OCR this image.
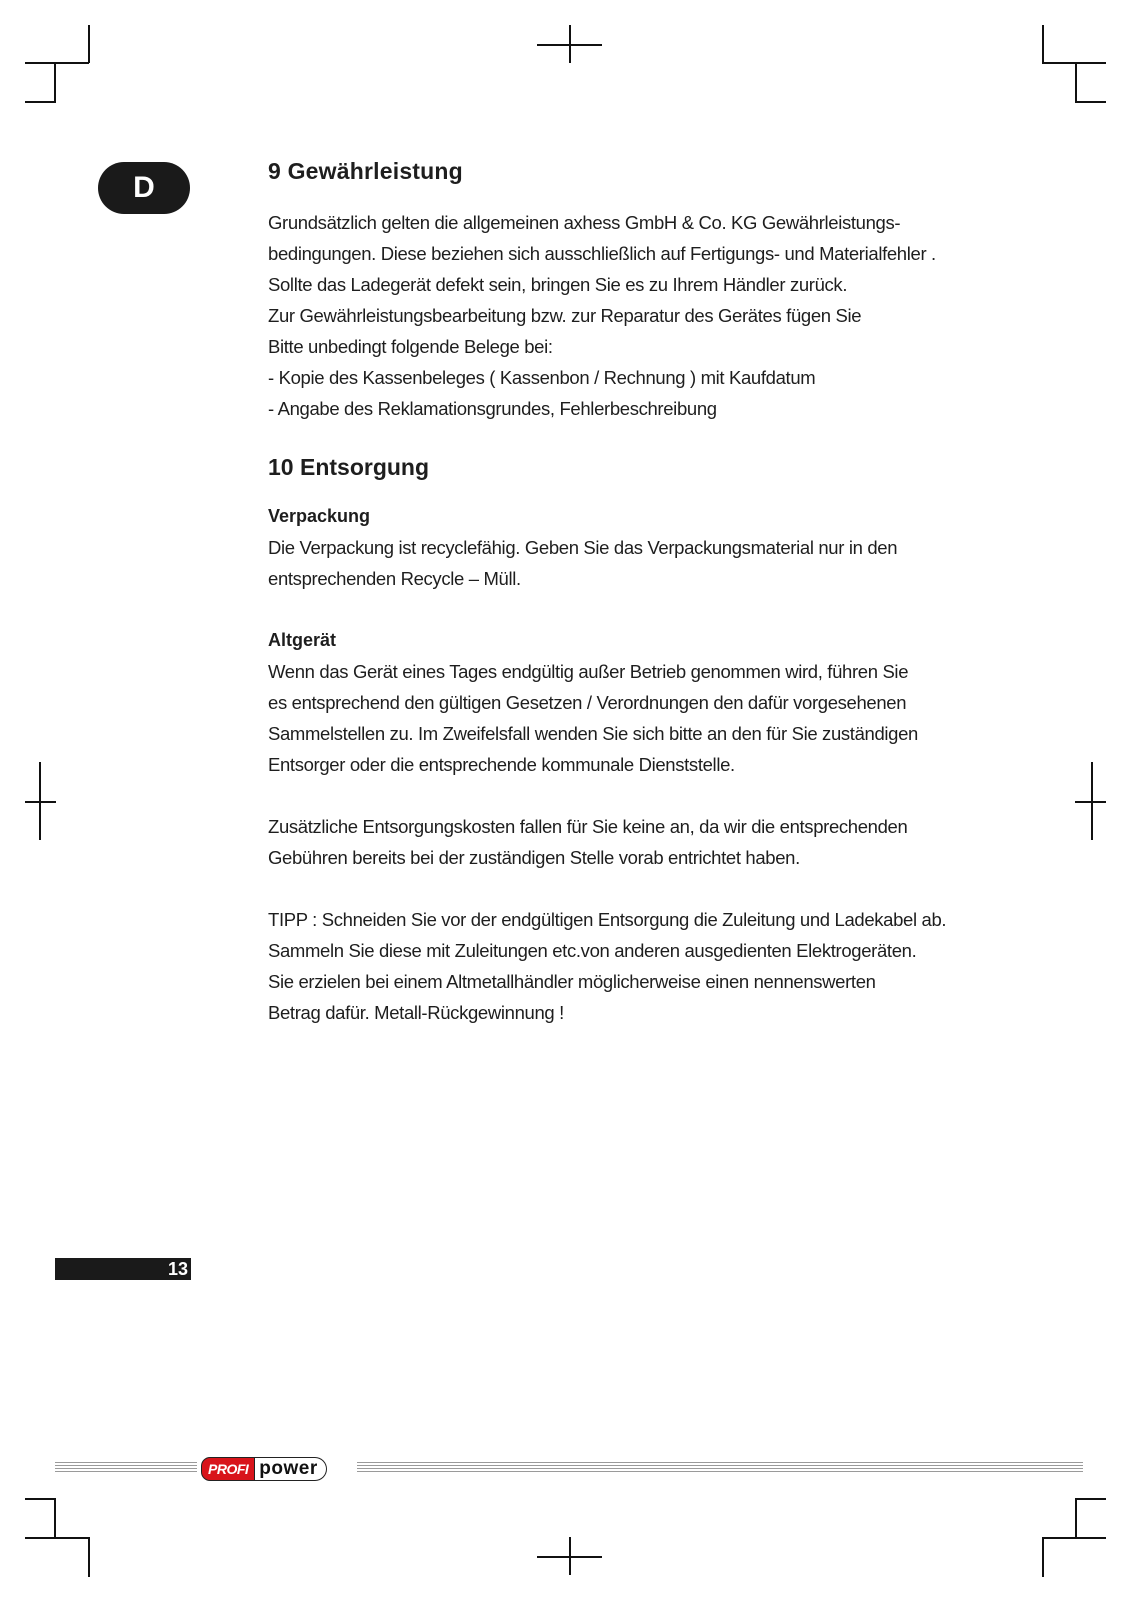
D	9 Gewährleistung

Grundsätzlich gelten die allgemeinen axhess GmbH & Co. KG Gewährleistungs-

bedingungen. Diese beziehen sich ausschließlich auf Fertigungs- und Materialfehler .

Sollte das Ladegerät defekt sein, bringen Sie es zu Ihrem Händler zurück.

Zur Gewährleistungsbearbeitung bzw. zur Reparatur des Gerätes fügen Sie

Bitte unbedingt folgende Belege bei:

- Kopie des Kassenbeleges ( Kassenbon / Rechnung ) mit Kaufdatum

- Angabe des Reklamationsgrundes, Fehlerbeschreibung

10 Entsorgung
Verpackung

Die Verpackung ist recyclefähig. Geben Sie das Verpackungsmaterial nur in den

entsprechenden Recycle – Müll.

Altgerät

Wenn das Gerät eines Tages endgültig außer Betrieb genommen wird, führen Sie

es entsprechend den gültigen Gesetzen / Verordnungen den dafür vorgesehenen

Sammelstellen zu. Im Zweifelsfall wenden Sie sich bitte an den für Sie zuständigen

Entsorger oder die entsprechende kommunale Dienststelle.

Zusätzliche Entsorgungskosten fallen für Sie keine an, da wir die entsprechenden

Gebühren bereits bei der zuständigen Stelle vorab entrichtet haben.

TIPP : Schneiden Sie vor der endgültigen Entsorgung die Zuleitung und Ladekabel ab.

Sammeln Sie diese mit Zuleitungen etc.von anderen ausgedienten Elektrogeräten.

Sie erzielen bei einem Altmetallhändler möglicherweise einen nennenswerten

Betrag dafür. Metall-Rückgewinnung !

13
PROFI power
